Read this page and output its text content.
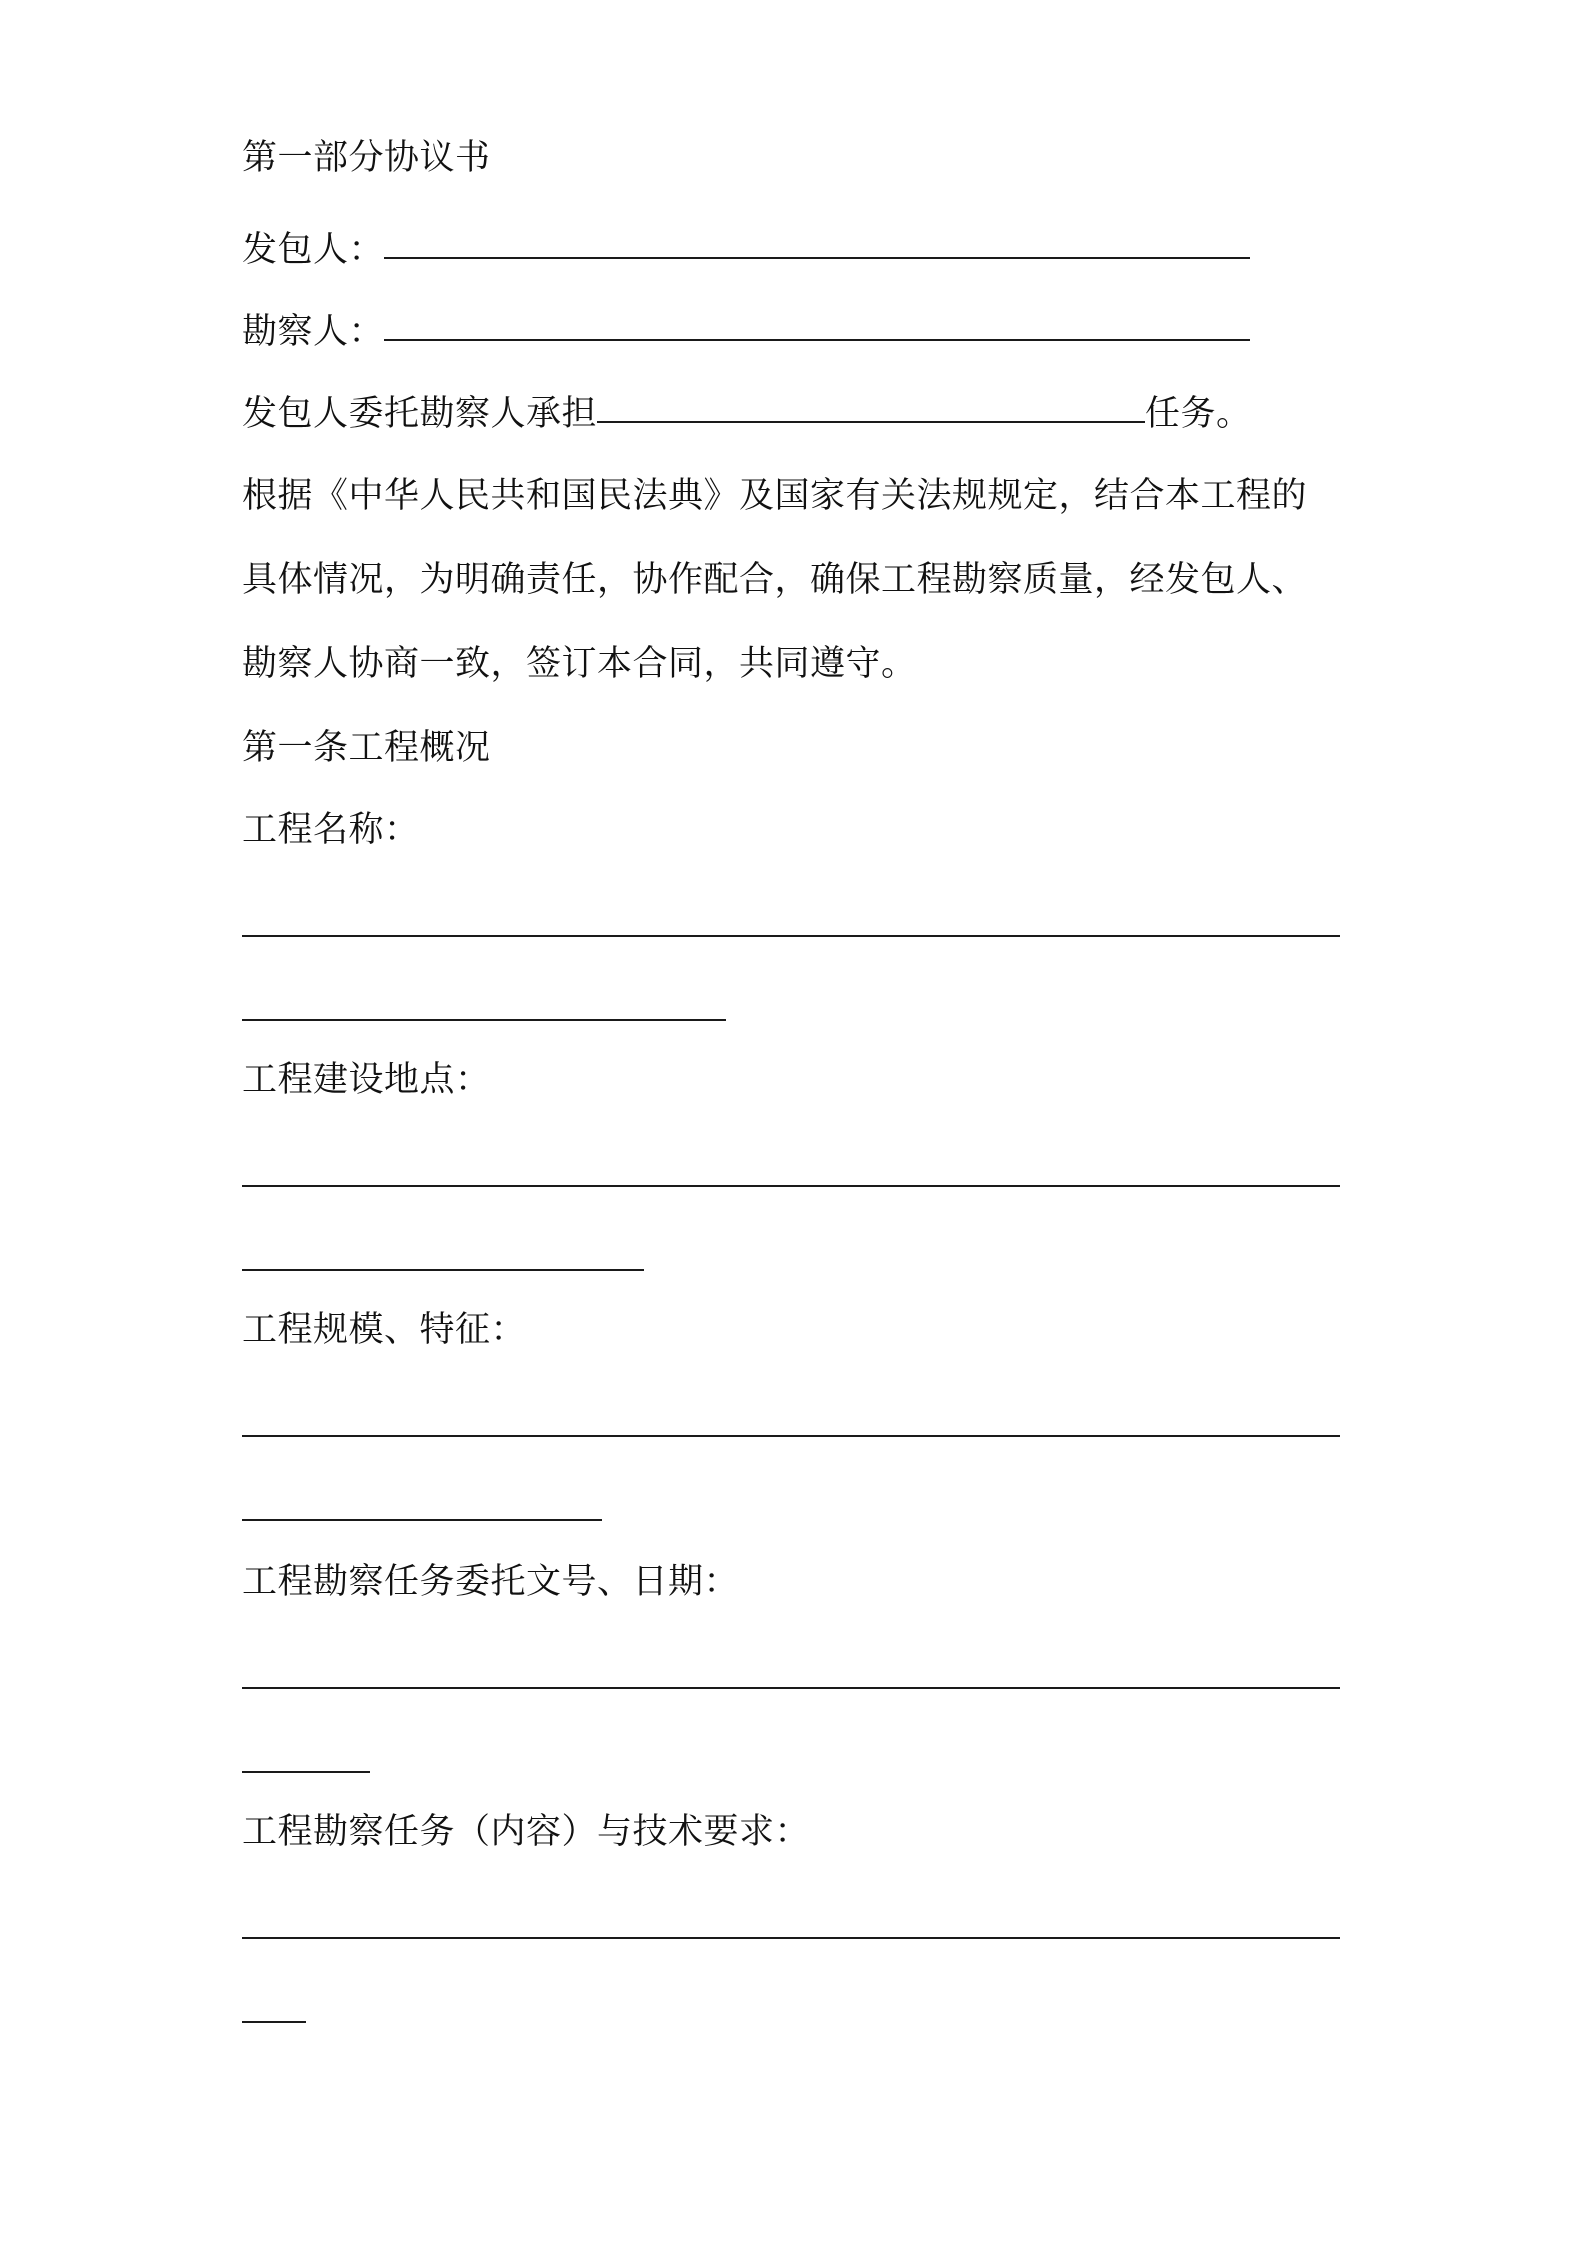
第一部分协议书
发包人：
勘察人：
发包人委托勘察人承担	任务。
根据《中华人民共和国民法典》及国家有关法规规定，结合本工程的
具体情况，为明确责任，协作配合，确保工程勘察质量，经发包人、
勘察人协商一致，签订本合同，共同遵守。
第一条工程概况
工程名称：
工程建设地点：
工程规模、特征：
工程勘察任务委托文号、日期：
工程勘察任务（内容）与技术要求：
